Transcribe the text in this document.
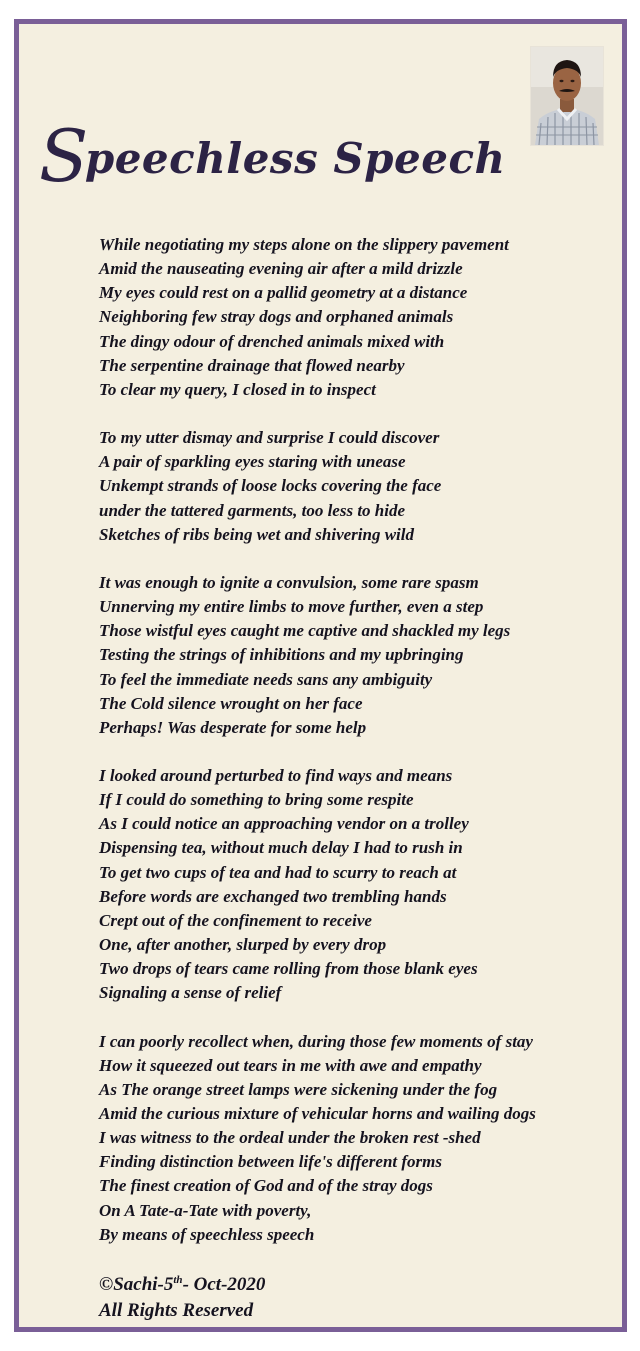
Speechless Speech
While negotiating my steps alone on the slippery pavement
Amid the nauseating evening air after a mild drizzle
My eyes could rest on a pallid geometry at a distance
Neighboring few stray dogs and orphaned animals
The dingy odour of drenched animals mixed with
The serpentine drainage that flowed nearby
To clear my query, I closed in to inspect
To my utter dismay and surprise I could discover
A pair of sparkling eyes staring with unease
Unkempt strands of loose locks covering the face
under the tattered garments, too less to hide
Sketches of ribs being wet and shivering wild
It was enough to ignite a convulsion, some rare spasm
Unnerving my entire limbs to move further, even a step
Those wistful eyes caught me captive and shackled my legs
Testing the strings of inhibitions and my upbringing
To feel the immediate needs sans any ambiguity
The Cold silence wrought on her face
Perhaps! Was desperate for some help
I looked around perturbed to find ways and means
If I could do something to bring some respite
As I could notice an approaching vendor on a trolley
Dispensing tea, without much delay I had to rush in
To get two cups of tea and had to scurry to reach at
Before words are exchanged two trembling hands
Crept out of the confinement to receive
One, after another, slurped by every drop
Two drops of tears came rolling from those blank eyes
Signaling a sense of relief
I can poorly recollect when, during those few moments of stay
How it squeezed out tears in me with awe and empathy
As The orange street lamps were sickening under the fog
Amid the curious mixture of vehicular horns and wailing dogs
I was witness to the ordeal under the broken rest -shed
Finding distinction between life's different forms
The finest creation of God and of the stray dogs
On A Tate-a-Tate with poverty,
By means of speechless speech
©Sachi-5th- Oct-2020
All Rights Reserved
